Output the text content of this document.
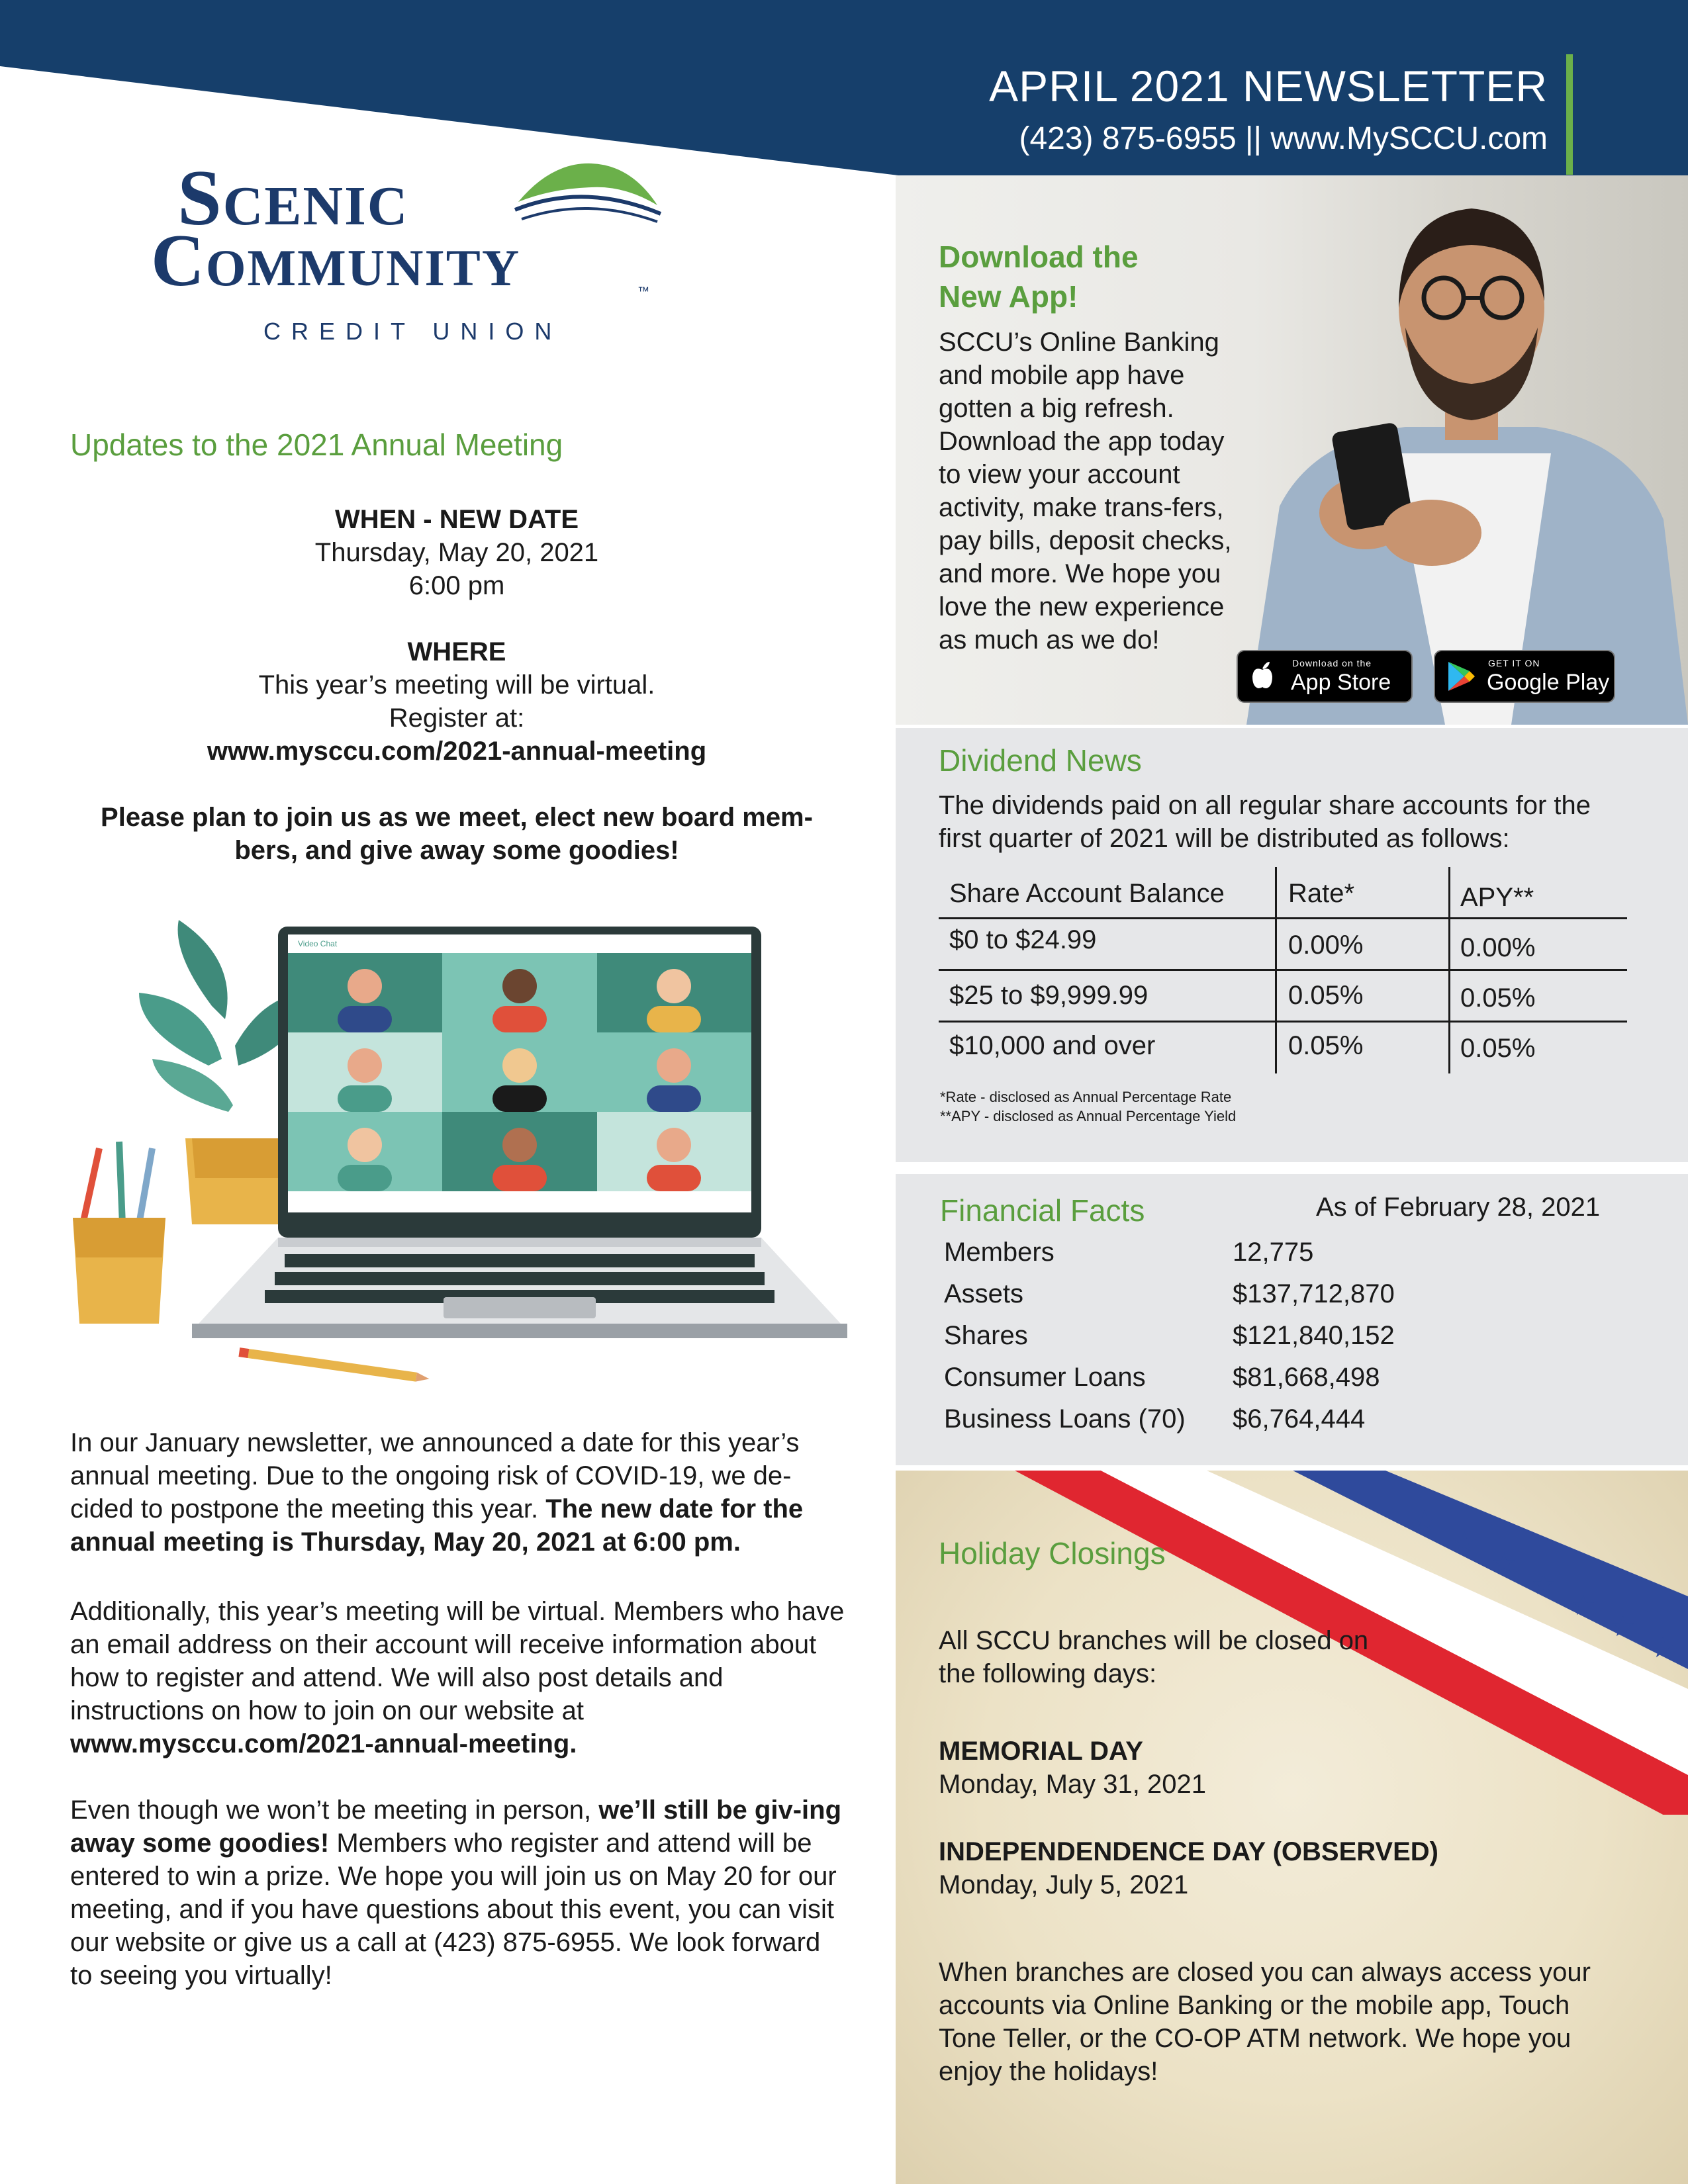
APRIL 2021 NEWSLETTER
(423) 875-6955 || www.MySCCU.com
Scenic
Community	™
CREDIT UNION
Updates to the 2021 Annual Meeting
WHEN - NEW DATE
Thursday, May 20, 2021
6:00 pm
WHERE
This year’s meeting will be virtual.
Register at:
www.mysccu.com/2021-annual-meeting
Please plan to join us as we meet, elect new board mem-bers, and give away some goodies!
Video Chat
In our January newsletter, we announced a date for this year’s annual meeting. Due to the ongoing risk of COVID-19, we de-cided to postpone the meeting this year. The new date for the annual meeting is Thursday, May 20, 2021 at 6:00 pm.
Additionally, this year’s meeting will be virtual. Members who have an email address on their account will receive information about how to register and attend. We will also post details and instructions on how to join on our website at www.mysccu.com/2021-annual-meeting.
Even though we won’t be meeting in person, we’ll still be giv-ing away some goodies! Members who register and attend will be entered to win a prize. We hope you will join us on May 20 for our meeting, and if you have questions about this event, you can visit our website or give us a call at (423) 875-6955. We look forward to seeing you virtually!
Download the
New App!
SCCU’s Online Banking and mobile app have gotten a big refresh. Download the app today to view your account activity, make trans-fers, pay bills, deposit checks, and more. We hope you love the new experience as much as we do!
Download on the
App Store
GET IT ON
Google Play
Dividend News
The dividends paid on all regular share accounts for the first quarter of 2021 will be distributed as follows:
Share Account Balance Rate*	APY**
$0 to $24.99	0.00%	0.00%
$25 to $9,999.99	0.05%	0.05%
$10,000 and over	0.05%	0.05%
*Rate - disclosed as Annual Percentage Rate
**APY - disclosed as Annual Percentage Yield
Financial Facts	As of February 28, 2021
Members	12,775
Assets	$137,712,870
Shares	$121,840,152
Consumer Loans	$81,668,498
Business Loans (70) $6,764,444
★
★
★
★
★
★
★
Holiday Closings
All SCCU branches will be closed on the following days:
MEMORIAL DAY
Monday, May 31, 2021
INDEPENDENDENCE DAY (OBSERVED)
Monday, July 5, 2021
When branches are closed you can always access your accounts via Online Banking or the mobile app, Touch Tone Teller, or the CO-OP ATM network. We hope you enjoy the holidays!
